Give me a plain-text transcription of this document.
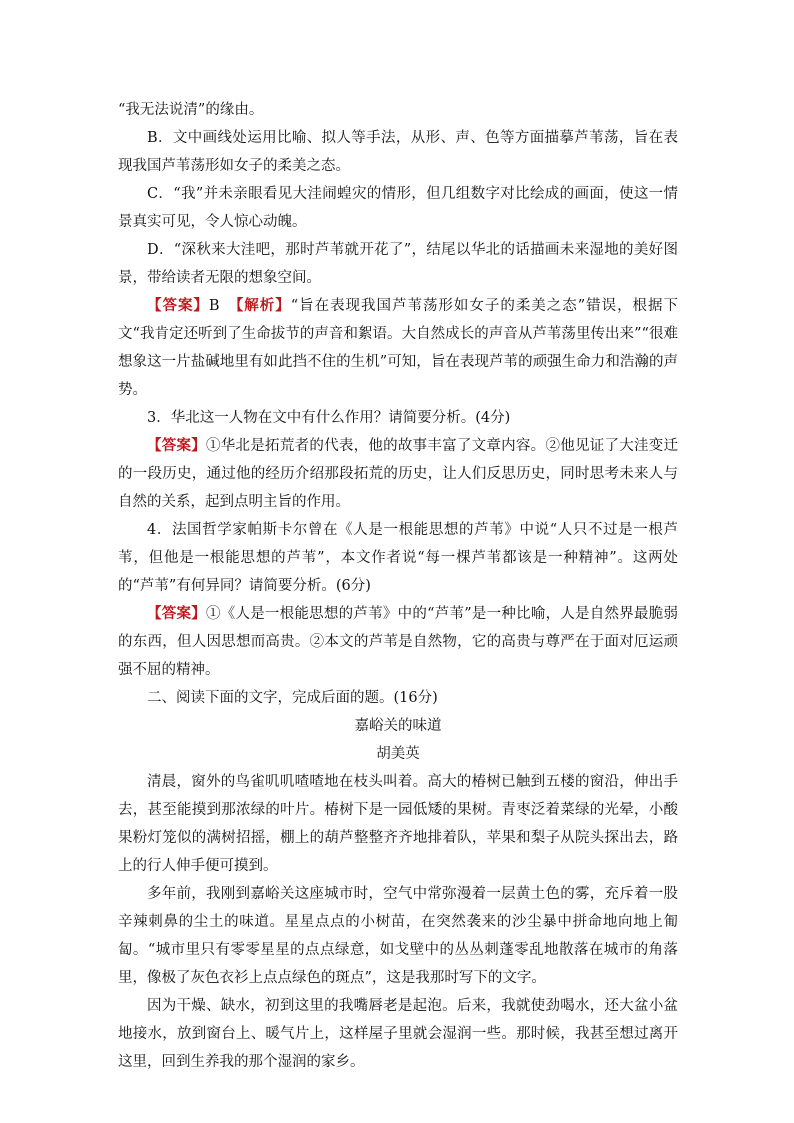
“我无法说清”的缘由。

B．文中画线处运用比喻、拟人等手法，从形、声、色等方面描摹芦苇荡，旨在表现我国芦苇荡形如女子的柔美之态。

C．“我”并未亲眼看见大洼闹蝗灾的情形，但几组数字对比绘成的画面，使这一情景真实可见，令人惊心动魄。

D．“深秋来大洼吧，那时芦苇就开花了”，结尾以华北的话描画未来湿地的美好图景，带给读者无限的想象空间。

【答案】B　【解析】“旨在表现我国芦苇荡形如女子的柔美之态”错误，根据下文“我肯定还听到了生命拔节的声音和絮语。大自然成长的声音从芦苇荡里传出来”“很难想象这一片盐碱地里有如此挡不住的生机”可知，旨在表现芦苇的顽强生命力和浩瀚的声势。

3．华北这一人物在文中有什么作用？请简要分析。(4分)

【答案】①华北是拓荒者的代表，他的故事丰富了文章内容。②他见证了大洼变迁的一段历史，通过他的经历介绍那段拓荒的历史，让人们反思历史，同时思考未来人与自然的关系，起到点明主旨的作用。

4．法国哲学家帕斯卡尔曾在《人是一根能思想的芦苇》中说“人只不过是一根芦苇，但他是一根能思想的芦苇”，本文作者说“每一棵芦苇都该是一种精神”。这两处的“芦苇”有何异同？请简要分析。(6分)

【答案】①《人是一根能思想的芦苇》中的“芦苇”是一种比喻，人是自然界最脆弱的东西，但人因思想而高贵。②本文的芦苇是自然物，它的高贵与尊严在于面对厄运顽强不屈的精神。

二、阅读下面的文字，完成后面的题。(16分)

嘉峪关的味道

胡美英

清晨，窗外的鸟雀叽叽喳喳地在枝头叫着。高大的椿树已触到五楼的窗沿，伸出手去，甚至能摸到那浓绿的叶片。椿树下是一园低矮的果树。青枣泛着菜绿的光晕，小酸果粉灯笼似的满树招摇，棚上的葫芦整整齐齐地排着队，苹果和梨子从院头探出去，路上的行人伸手便可摸到。

多年前，我刚到嘉峪关这座城市时，空气中常弥漫着一层黄土色的雾，充斥着一股辛辣刺鼻的尘土的味道。星星点点的小树苗，在突然袭来的沙尘暴中拼命地向地上匍匐。“城市里只有零零星星的点点绿意，如戈壁中的丛丛刺蓬零乱地散落在城市的角落里，像极了灰色衣衫上点点绿色的斑点”，这是我那时写下的文字。

因为干燥、缺水，初到这里的我嘴唇老是起泡。后来，我就使劲喝水，还大盆小盆地接水，放到窗台上、暖气片上，这样屋子里就会湿润一些。那时候，我甚至想过离开这里，回到生养我的那个湿润的家乡。
